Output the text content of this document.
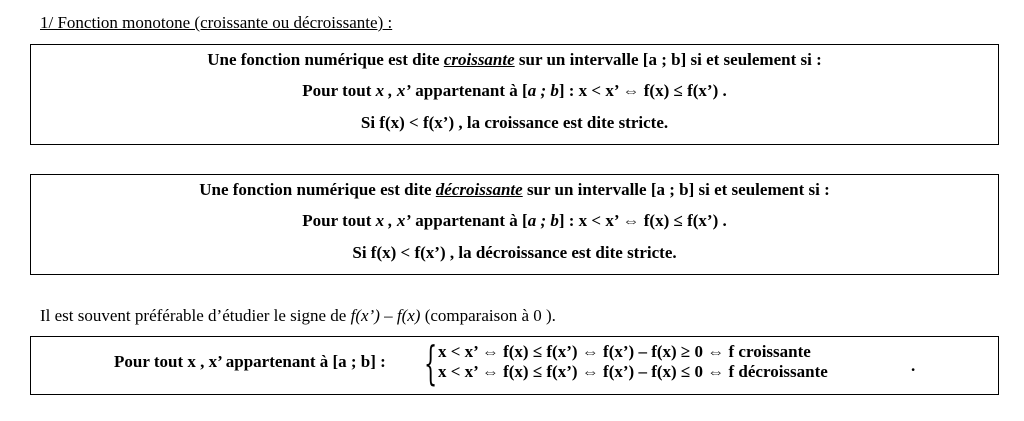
1/ Fonction monotone (croissante ou décroissante) :
Une fonction numérique est dite croissante sur un intervalle [a ; b] si et seulement si :
Pour tout x , x’ appartenant à [a ; b] : x < x’ ⇔ f(x) ≤ f(x’) .
Si f(x) < f(x’) , la croissance est dite stricte.
Une fonction numérique est dite décroissante sur un intervalle [a ; b] si et seulement si :
Pour tout x , x’ appartenant à [a ; b] : x < x’ ⇔ f(x) ≤ f(x’) .
Si f(x) < f(x’) , la décroissance est dite stricte.
Il est souvent préférable d’étudier le signe de f(x’) – f(x) (comparaison à 0 ).
Pour tout x , x’ appartenant à [a ; b] : { x < x’ ⇔ f(x) ≤ f(x’) ⇔ f(x’) – f(x) ≥ 0 ⇔ f croissante
x < x’ ⇔ f(x) ≤ f(x’) ⇔ f(x’) – f(x) ≤ 0 ⇔ f décroissante	.
